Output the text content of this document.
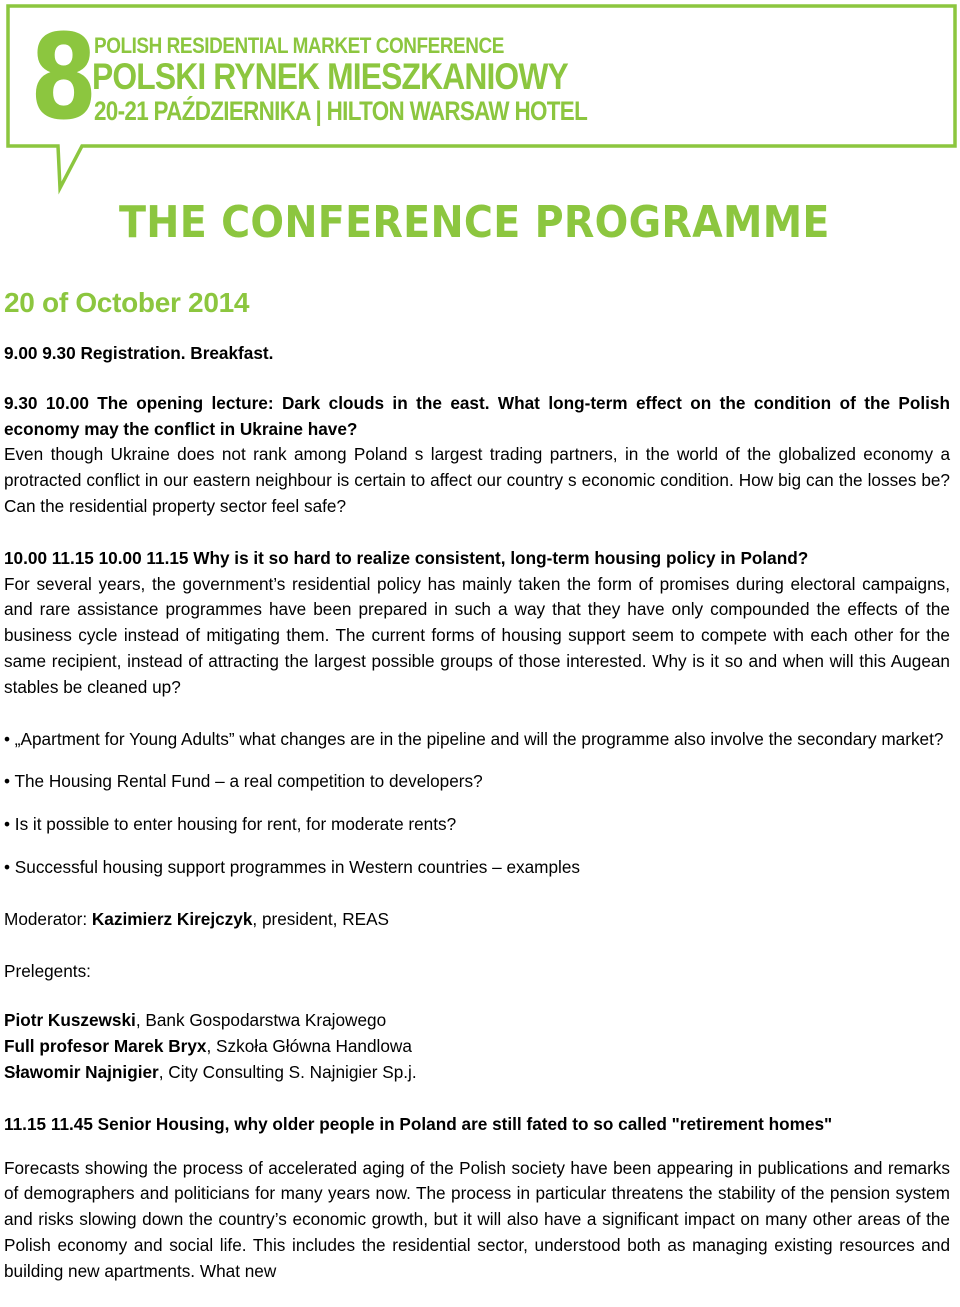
8
POLISH RESIDENTIAL MARKET CONFERENCE
POLSKI RYNEK MIESZKANIOWY
20-21 PAŹDZIERNIKA | HILTON WARSAW HOTEL
THE CONFERENCE PROGRAMME

20 of October 2014

9.00 9.30 Registration. Breakfast.

9.30 10.00 The opening lecture: Dark clouds in the east. What long-term effect on the condition of the Polish economy may the conflict in Ukraine have?

Even though Ukraine does not rank among Poland s largest trading partners, in the world of the globalized economy a protracted conflict in our eastern neighbour is certain to affect our country s economic condition. How big can the losses be? Can the residential property sector feel safe?

10.00 11.15 10.00 11.15 Why is it so hard to realize consistent, long-term housing policy in Poland?

For several years, the government’s residential policy has mainly taken the form of promises during electoral campaigns, and rare assistance programmes have been prepared in such a way that they have only compounded the effects of the business cycle instead of mitigating them. The current forms of housing support seem to compete with each other for the same recipient, instead of attracting the largest possible groups of those interested. Why is it so and when will this Augean stables be cleaned up?

• „Apartment for Young Adults” what changes are in the pipeline and will the programme also involve the secondary market?

• The Housing Rental Fund – a real competition to developers?

• Is it possible to enter housing for rent, for moderate rents?

• Successful housing support programmes in Western countries – examples

Moderator: Kazimierz Kirejczyk, president, REAS

Prelegents:

Piotr Kuszewski, Bank Gospodarstwa Krajowego

Full profesor Marek Bryx, Szkoła Główna Handlowa

Sławomir Najnigier, City Consulting S. Najnigier Sp.j.

11.15 11.45 Senior Housing, why older people in Poland are still fated to so called "retirement homes"

Forecasts showing the process of accelerated aging of the Polish society have been appearing in publications and remarks of demographers and politicians for many years now. The process in particular threatens the stability of the pension system and risks slowing down the country’s economic growth, but it will also have a significant impact on many other areas of the Polish economy and social life. This includes the residential sector, understood both as managing existing resources and building new apartments. What new
